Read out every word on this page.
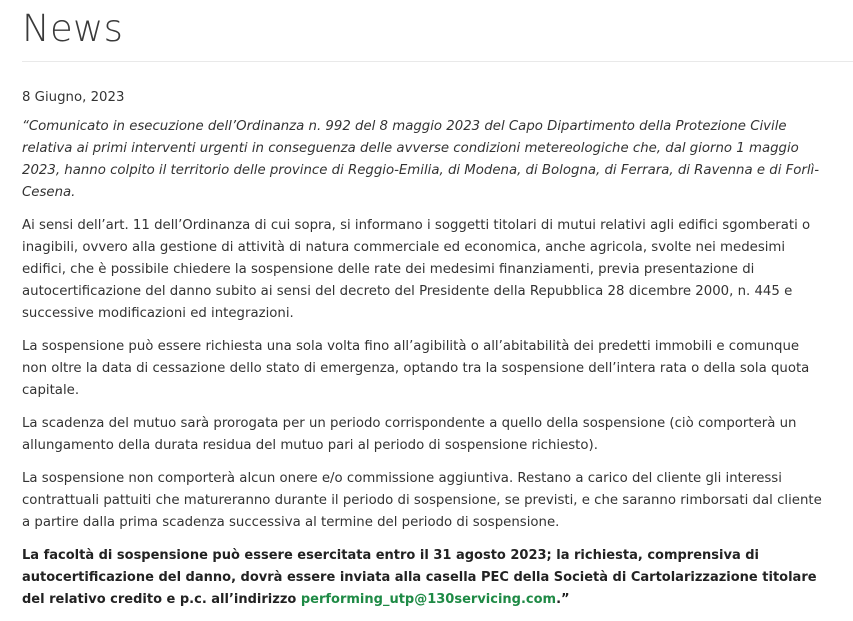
News

8 Giugno, 2023

“Comunicato in esecuzione dell’Ordinanza n. 992 del 8 maggio 2023 del Capo Dipartimento della Protezione Civile relativa ai primi interventi urgenti in conseguenza delle avverse condizioni metereologiche che, dal giorno 1 maggio 2023, hanno colpito il territorio delle province di Reggio-Emilia, di Modena, di Bologna, di Ferrara, di Ravenna e di Forlì-Cesena.

Ai sensi dell’art. 11 dell’Ordinanza di cui sopra, si informano i soggetti titolari di mutui relativi agli edifici sgomberati o inagibili, ovvero alla gestione di attività di natura commerciale ed economica, anche agricola, svolte nei medesimi edifici, che è possibile chiedere la sospensione delle rate dei medesimi finanziamenti, previa presentazione di autocertificazione del danno subito ai sensi del decreto del Presidente della Repubblica 28 dicembre 2000, n. 445 e successive modificazioni ed integrazioni.

La sospensione può essere richiesta una sola volta fino all’agibilità o all’abitabilità dei predetti immobili e comunque non oltre la data di cessazione dello stato di emergenza, optando tra la sospensione dell’intera rata o della sola quota capitale.

La scadenza del mutuo sarà prorogata per un periodo corrispondente a quello della sospensione (ciò comporterà un allungamento della durata residua del mutuo pari al periodo di sospensione richiesto).

La sospensione non comporterà alcun onere e/o commissione aggiuntiva. Restano a carico del cliente gli interessi contrattuali pattuiti che matureranno durante il periodo di sospensione, se previsti, e che saranno rimborsati dal cliente a partire dalla prima scadenza successiva al termine del periodo di sospensione.

La facoltà di sospensione può essere esercitata entro il 31 agosto 2023; la richiesta, comprensiva di autocertificazione del danno, dovrà essere inviata alla casella PEC della Società di Cartolarizzazione titolare del relativo credito e p.c. all’indirizzo performing_utp@130servicing.com.”
